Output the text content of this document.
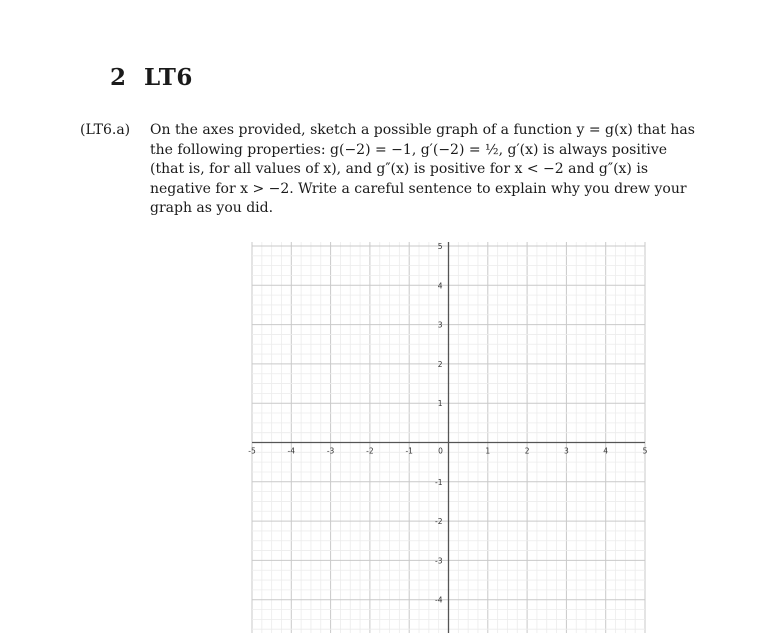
2 LT6
(LT6.a) On the axes provided, sketch a possible graph of a function y = g(x) that has
the following properties: g(−2) = −1, g′(−2) = ½, g′(x) is always positive
(that is, for all values of x), and g″(x) is positive for x < −2 and g″(x) is
negative for x > −2. Write a careful sentence to explain why you drew your
graph as you did.
-5	-4	-3	-2	-1	0	1	2	3	4	5
5
4
3
2
1
-1
-2
-3
-4
